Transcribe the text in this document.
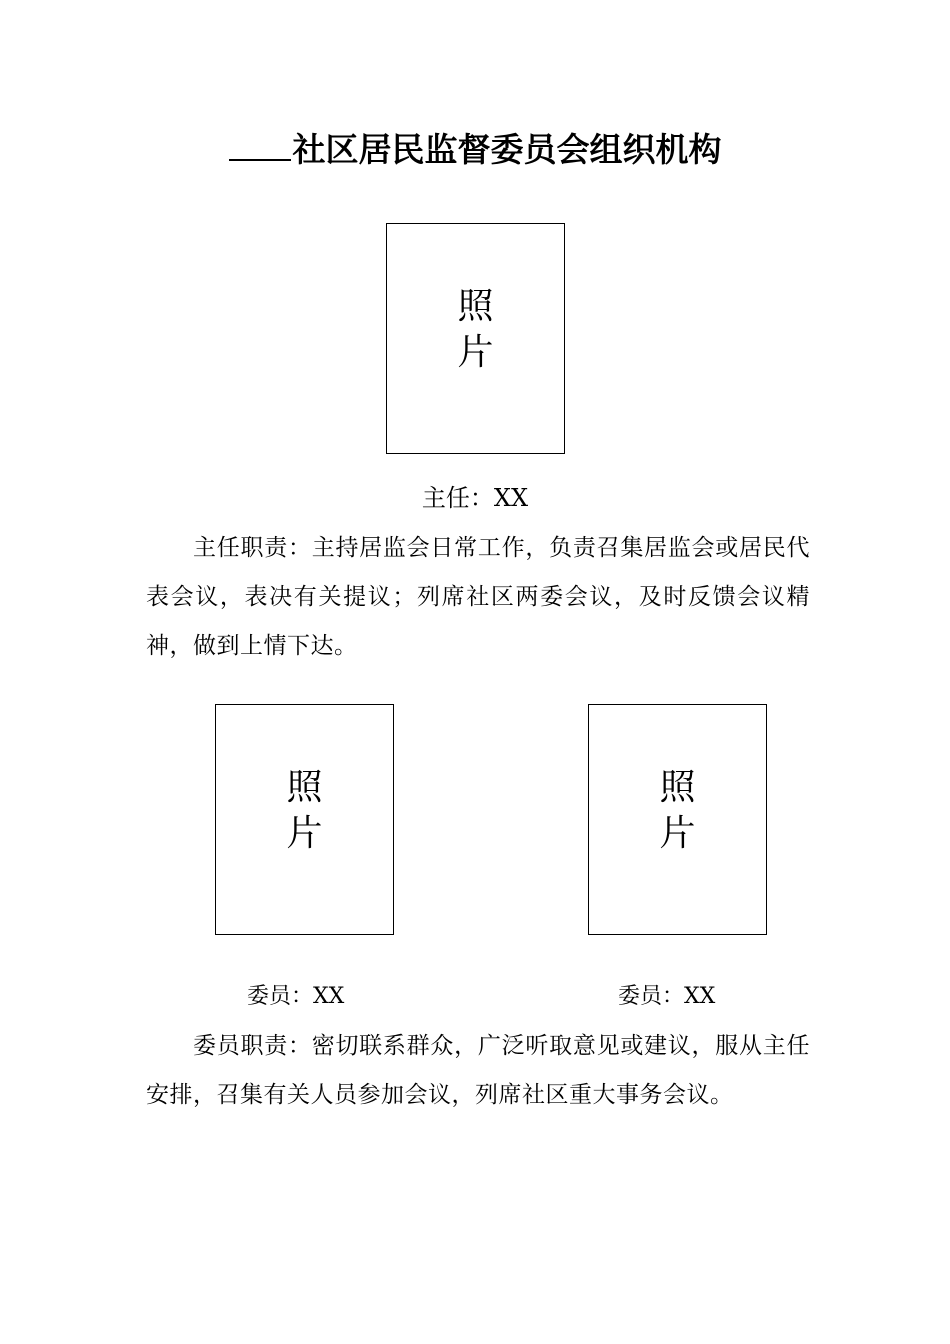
社区居民监督委员会组织机构
照片
主任：XX
主任职责：主持居监会日常工作，负责召集居监会或居民代表会议，表决有关提议；列席社区两委会议，及时反馈会议精神，做到上情下达。
照片
照片
委员：XX	委员：XX
委员职责：密切联系群众，广泛听取意见或建议，服从主任安排，召集有关人员参加会议，列席社区重大事务会议。
